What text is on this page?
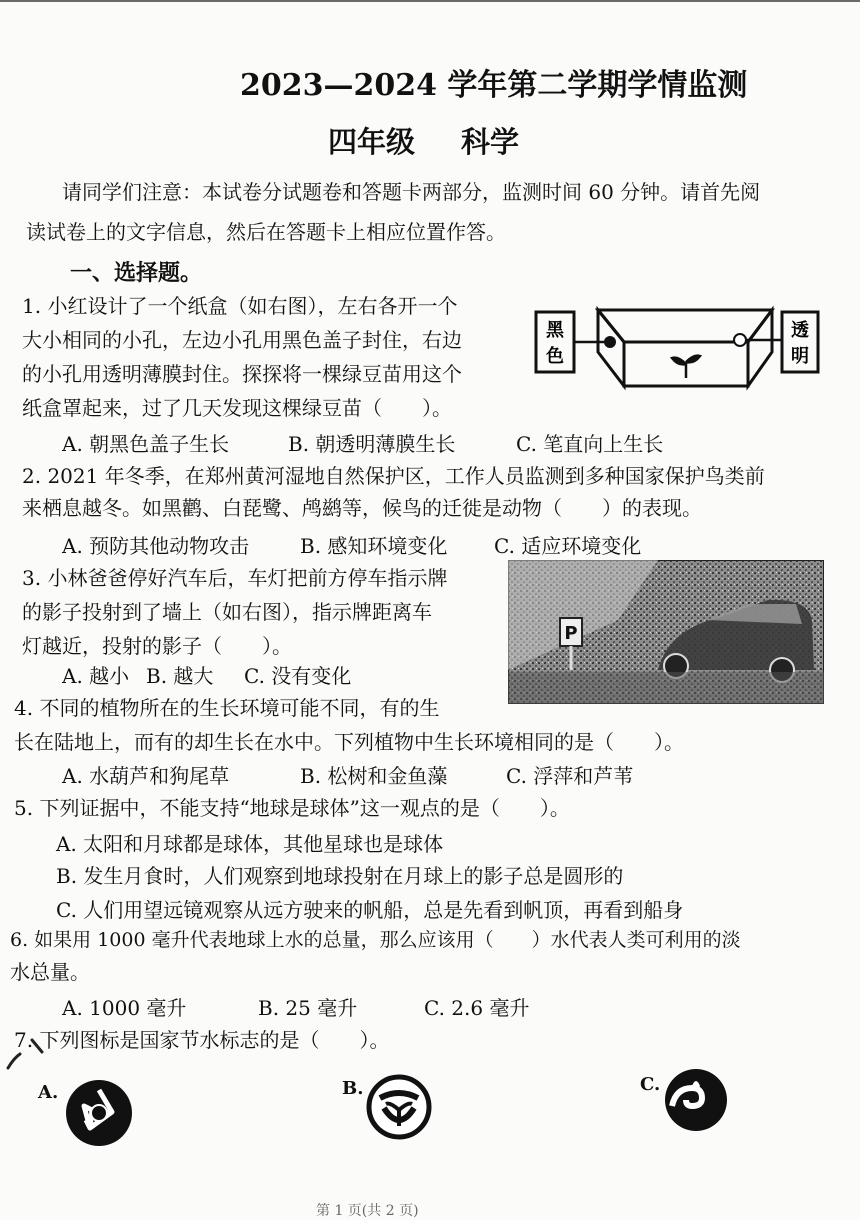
2023—2024 学年第二学期学情监测
四年级 科学
请同学们注意：本试卷分试题卷和答题卡两部分，监测时间 60 分钟。请首先阅
读试卷上的文字信息，然后在答题卡上相应位置作答。
一、选择题。
1. 小红设计了一个纸盒（如右图），左右各开一个
大小相同的小孔，左边小孔用黑色盖子封住，右边
的小孔用透明薄膜封住。探探将一棵绿豆苗用这个
纸盒罩起来，过了几天发现这棵绿豆苗（　　）。
A. 朝黑色盖子生长	B. 朝透明薄膜生长	C. 笔直向上生长
黑
色
透
明
2. 2021 年冬季，在郑州黄河湿地自然保护区，工作人员监测到多种国家保护鸟类前
来栖息越冬。如黑鹳、白琵鹭、鸬鹚等，候鸟的迁徙是动物（　　）的表现。
A. 预防其他动物攻击	B. 感知环境变化 C. 适应环境变化
3. 小林爸爸停好汽车后，车灯把前方停车指示牌
的影子投射到了墙上（如右图），指示牌距离车
灯越近，投射的影子（　　）。
A. 越小 B. 越大 C. 没有变化
P
4. 不同的植物所在的生长环境可能不同，有的生
长在陆地上，而有的却生长在水中。下列植物中生长环境相同的是（　　）。
A. 水葫芦和狗尾草	B. 松树和金鱼藻	C. 浮萍和芦苇
5. 下列证据中，不能支持“地球是球体”这一观点的是（　　）。
A. 太阳和月球都是球体，其他星球也是球体
B. 发生月食时，人们观察到地球投射在月球上的影子总是圆形的
C. 人们用望远镜观察从远方驶来的帆船，总是先看到帆顶，再看到船身
6. 如果用 1000 毫升代表地球上水的总量，那么应该用（　　）水代表人类可利用的淡
水总量。
A. 1000 毫升	B. 25 毫升	C. 2.6 毫升
7. 下列图标是国家节水标志的是（　　）。
A.	B.	C.
第 1 页(共 2 页)
